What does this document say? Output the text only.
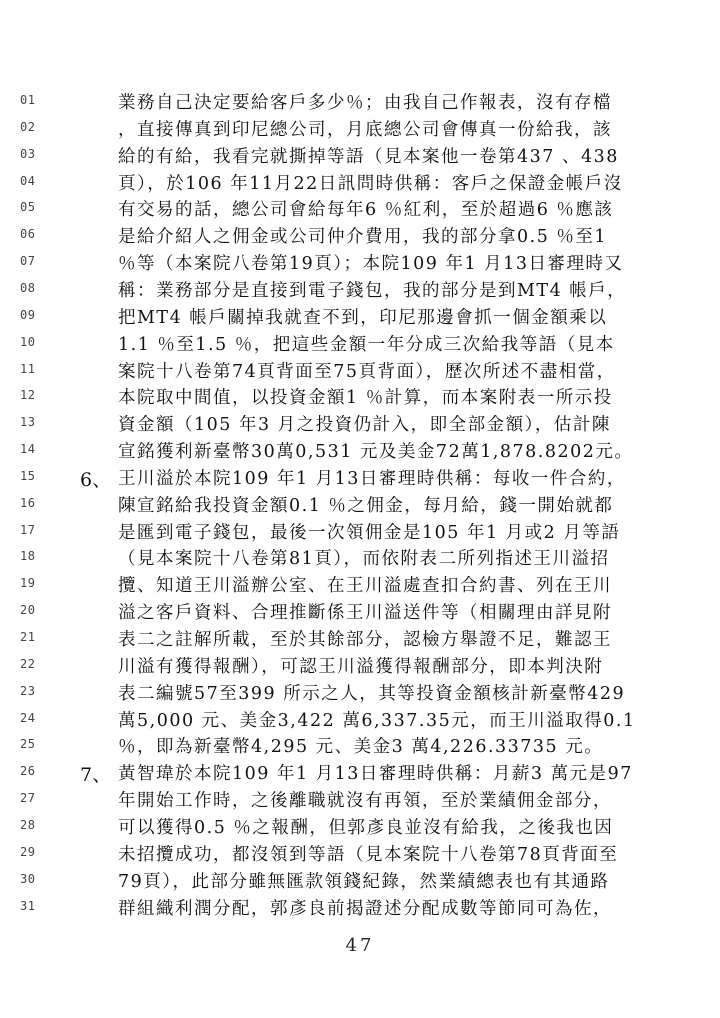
01	業務自己決定要給客戶多少％；由我自己作報表，沒有存檔
02	，直接傳真到印尼總公司，月底總公司會傳真一份給我，該
03	給的有給，我看完就撕掉等語（見本案他一卷第437 、438
04	頁），於106 年11月22日訊問時供稱：客戶之保證金帳戶沒
05	有交易的話，總公司會給每年6 ％紅利，至於超過6 ％應該
06	是給介紹人之佣金或公司仲介費用，我的部分拿0.5 ％至1
07	％等（本案院八卷第19頁）；本院109 年1 月13日審理時又
08	稱：業務部分是直接到電子錢包，我的部分是到MT4 帳戶，
09	把MT4 帳戶關掉我就查不到，印尼那邊會抓一個金額乘以
10	1.1 ％至1.5 ％，把這些金額一年分成三次給我等語（見本
11	案院十八卷第74頁背面至75頁背面），歷次所述不盡相當，
12	本院取中間值，以投資金額1 ％計算，而本案附表一所示投
13	資金額（105 年3 月之投資仍計入，即全部金額），估計陳
14	宣銘獲利新臺幣30萬0,531 元及美金72萬1,878.8202元。
15 6、 王川溢於本院109 年1 月13日審理時供稱：每收一件合約，
16	陳宣銘給我投資金額0.1 ％之佣金，每月給，錢一開始就都
17	是匯到電子錢包，最後一次領佣金是105 年1 月或2 月等語
18	（見本案院十八卷第81頁），而依附表二所列指述王川溢招
19	攬、知道王川溢辦公室、在王川溢處查扣合約書、列在王川
20	溢之客戶資料、合理推斷係王川溢送件等（相關理由詳見附
21	表二之註解所載，至於其餘部分，認檢方舉證不足，難認王
22	川溢有獲得報酬），可認王川溢獲得報酬部分，即本判決附
23	表二編號57至399 所示之人，其等投資金額核計新臺幣429
24	萬5,000 元、美金3,422 萬6,337.35元，而王川溢取得0.1
25	％，即為新臺幣4,295 元、美金3 萬4,226.33735 元。
26 7、 黃智瑋於本院109 年1 月13日審理時供稱：月薪3 萬元是97
27	年開始工作時，之後離職就沒有再領，至於業績佣金部分，
28	可以獲得0.5 ％之報酬，但郭彥良並沒有給我，之後我也因
29	未招攬成功，都沒領到等語（見本案院十八卷第78頁背面至
30	79頁），此部分雖無匯款領錢紀錄，然業績總表也有其通路
31	群組織利潤分配，郭彥良前揭證述分配成數等節同可為佐，
47
